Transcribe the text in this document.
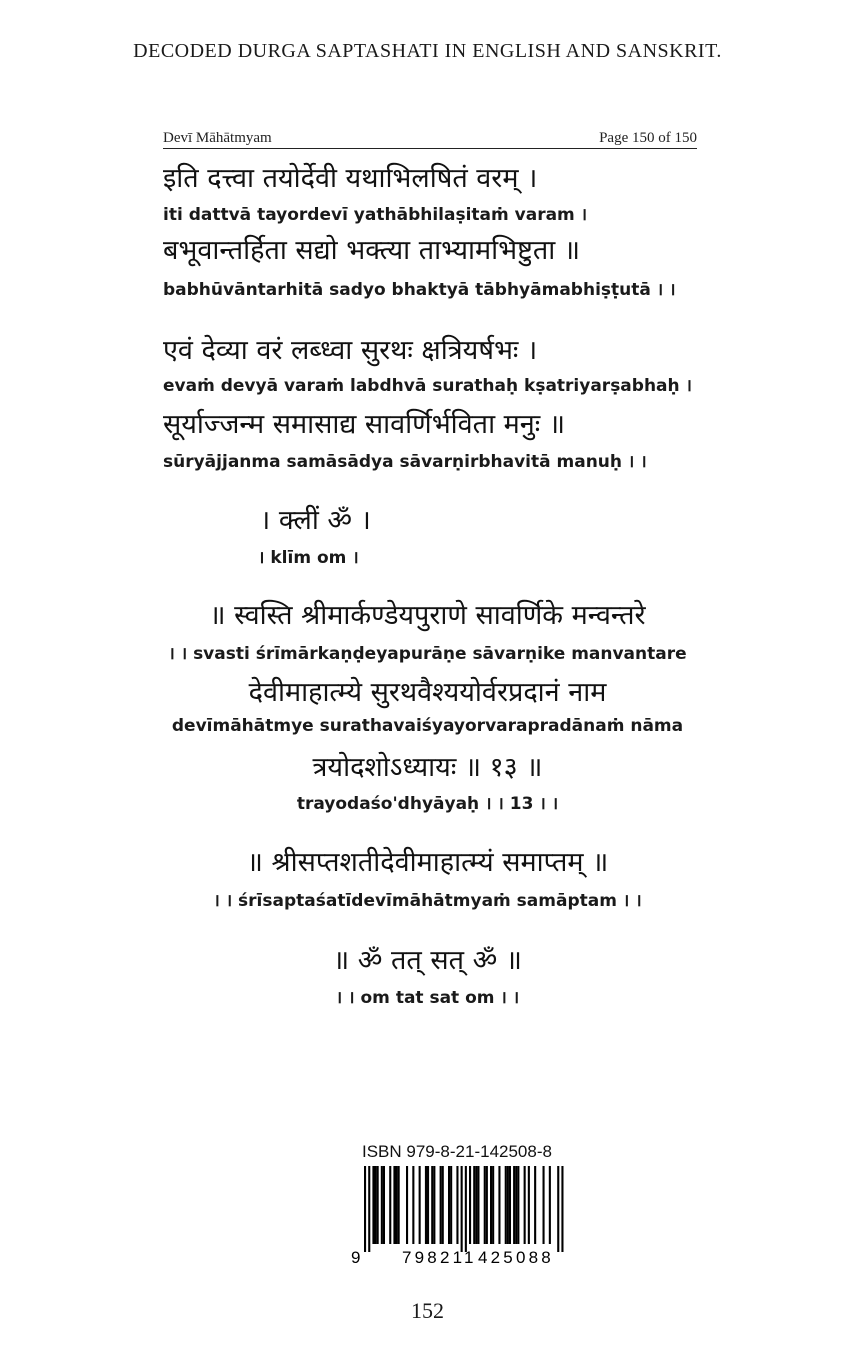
DECODED DURGA SAPTASHATI IN ENGLISH AND SANSKRIT.
Devī Māhātmyam	Page 150 of 150
इति दत्त्वा तयोर्देवी यथाभिलषितं वरम् ।
iti dattvā tayordevī yathābhilaṣitaṁ varam ।
बभूवान्तर्हिता सद्यो भक्त्या ताभ्यामभिष्टुता ॥
babhūvāntarhitā sadyo bhaktyā tābhyāmabhiṣṭutā । ।
एवं देव्या वरं लब्ध्वा सुरथः क्षत्रियर्षभः ।
evaṁ devyā varaṁ labdhvā surathaḥ kṣatriyarṣabhaḥ ।
सूर्याज्जन्म समासाद्य सावर्णिर्भविता मनुः ॥
sūryājjanma samāsādya sāvarṇirbhavitā manuḥ । ।
। क्लीं ॐ ।
। klīm om ।
॥ स्वस्ति श्रीमार्कण्डेयपुराणे सावर्णिके मन्वन्तरे
। । svasti śrīmārkaṇḍeyapurāṇe sāvarṇike manvantare
देवीमाहात्म्ये सुरथवैश्ययोर्वरप्रदानं नाम
devīmāhātmye surathavaiśyayorvarapradānaṁ nāma
त्रयोदशोऽध्यायः ॥ १३ ॥
trayodaśo'dhyāyaḥ । । 13 । ।
॥ श्रीसप्तशतीदेवीमाहात्म्यं समाप्तम् ॥
। । śrīsaptaśatīdevīmāhātmyaṁ samāptam । ।
॥ ॐ तत् सत् ॐ ॥
। । om tat sat om । ।
ISBN 979-8-21-142508-8
9 798211 425088
152
